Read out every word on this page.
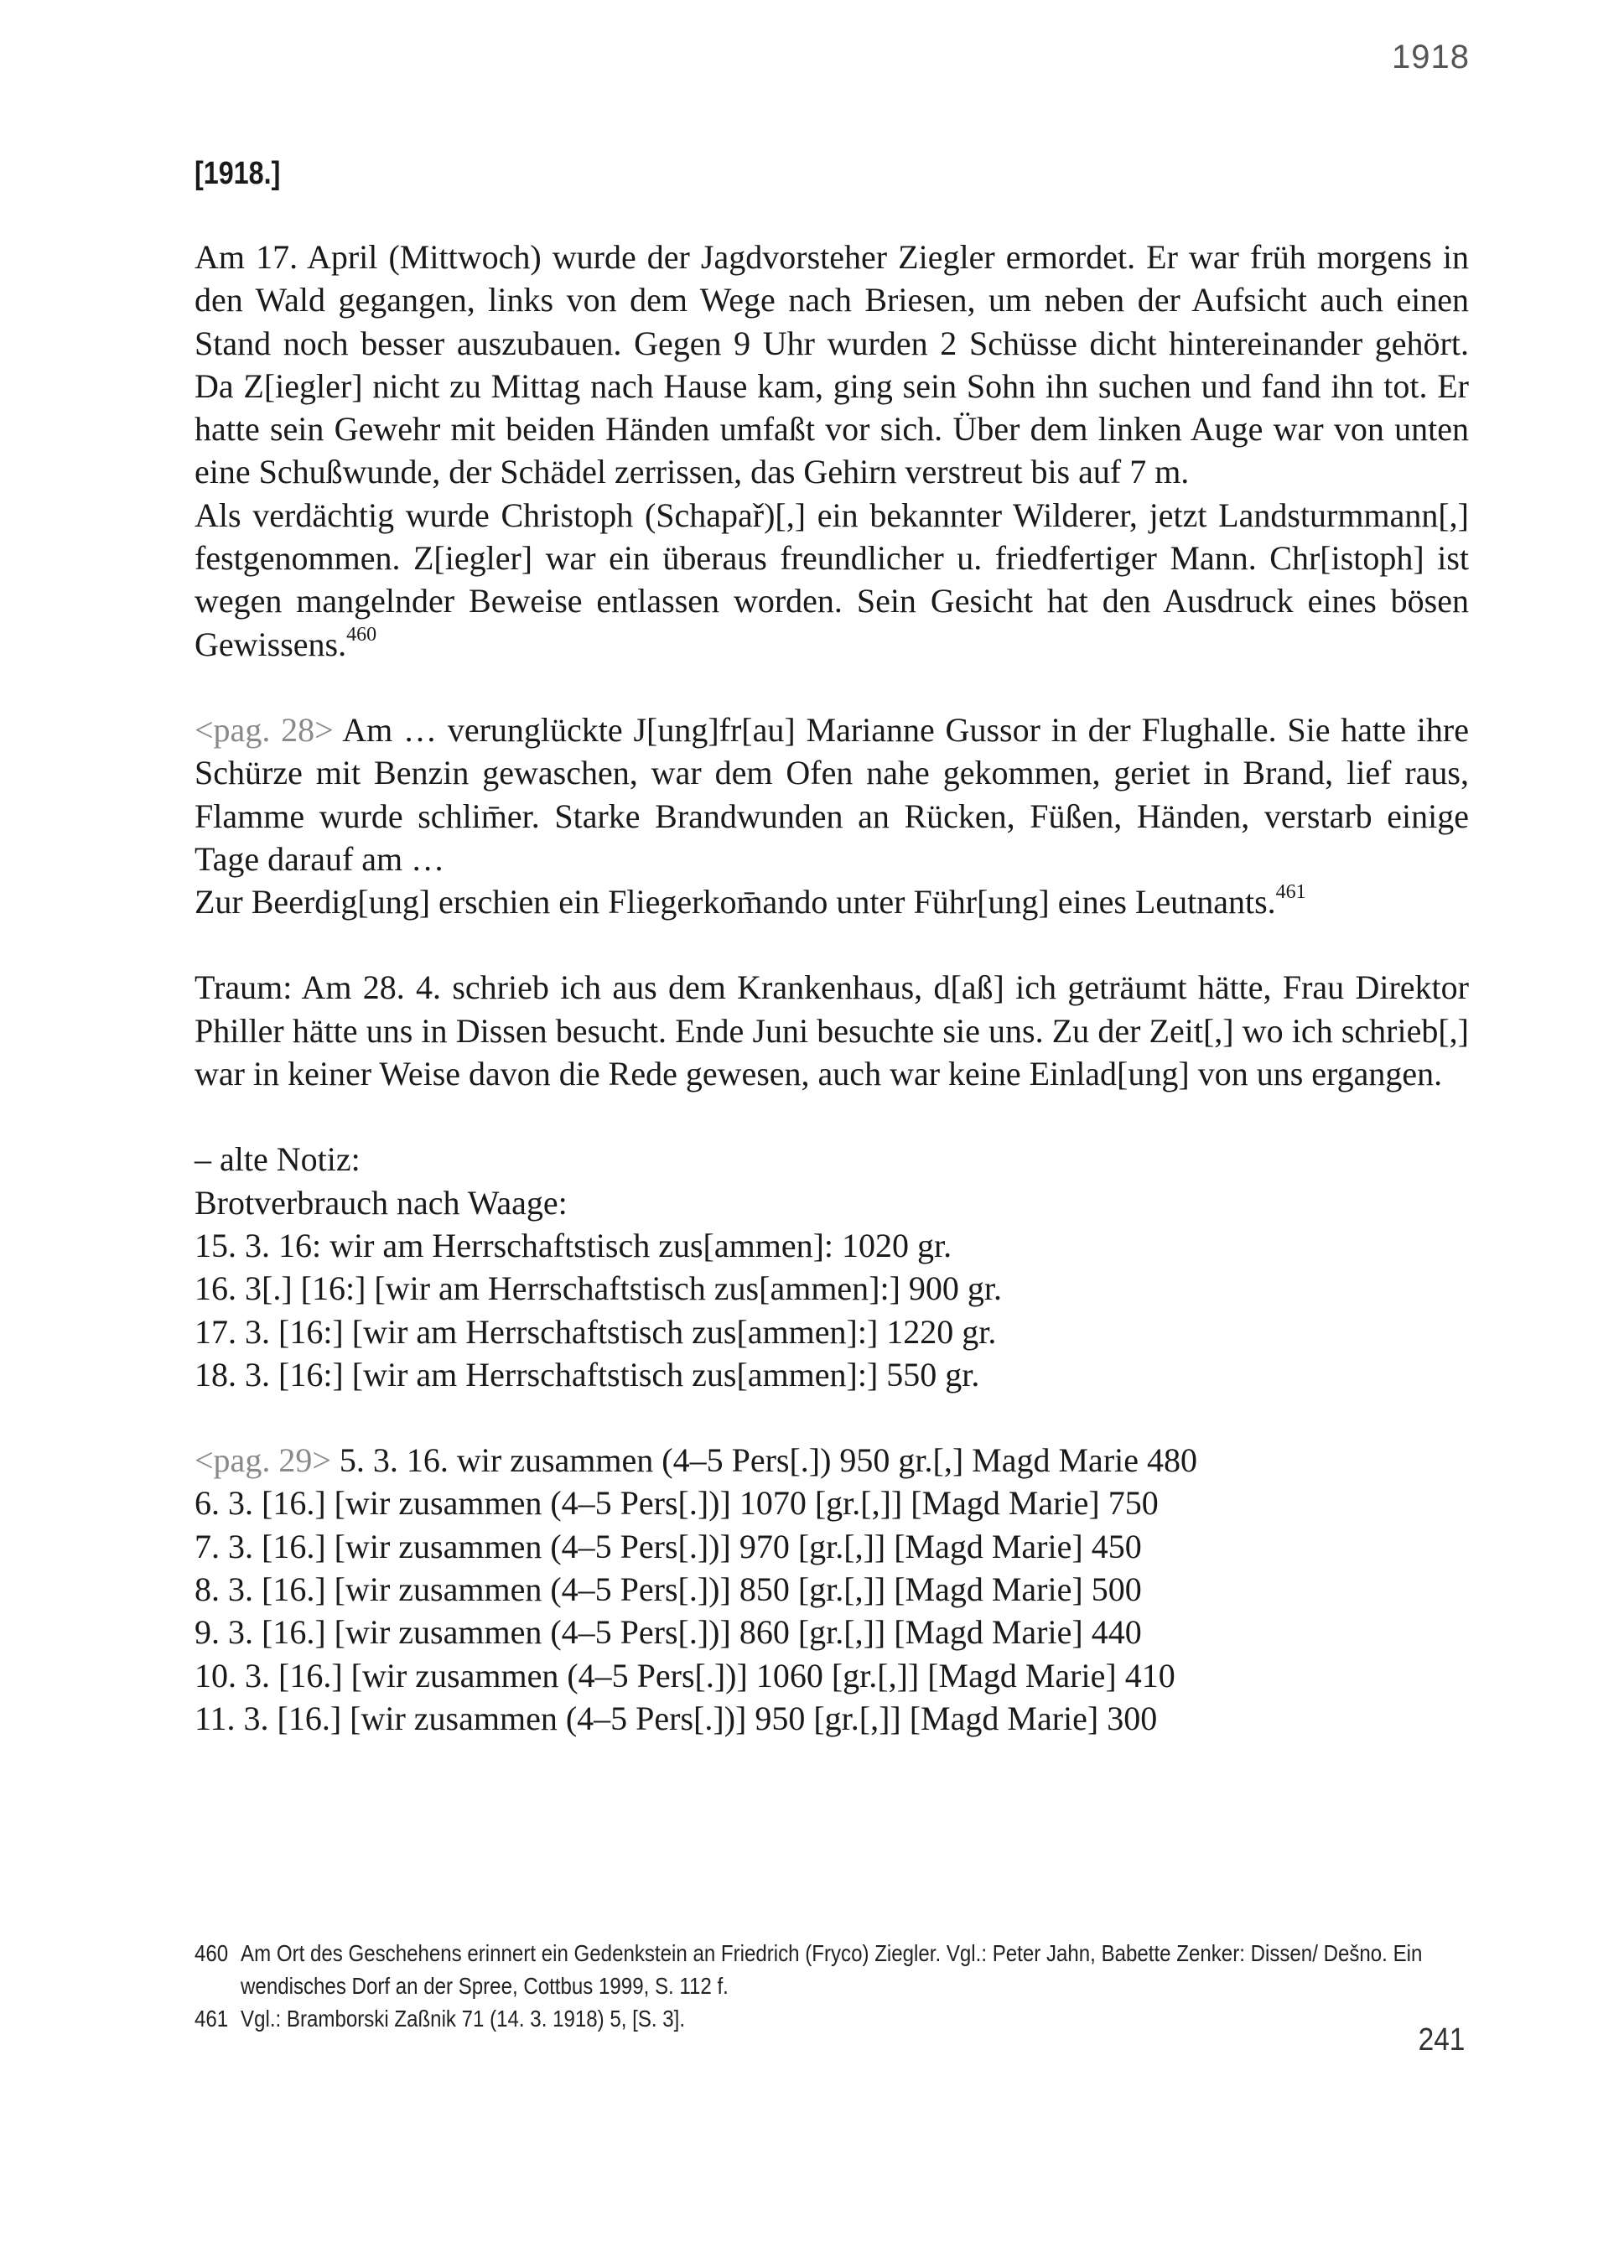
1918
[1918.]

Am 17. April (Mittwoch) wurde der Jagdvorsteher Ziegler ermordet. Er war früh morgens in den Wald gegangen, links von dem Wege nach Briesen, um neben der Aufsicht auch einen Stand noch besser auszubauen. Gegen 9 Uhr wurden 2 Schüsse dicht hintereinander gehört. Da Z[iegler] nicht zu Mittag nach Hause kam, ging sein Sohn ihn suchen und fand ihn tot. Er hatte sein Gewehr mit beiden Händen umfaßt vor sich. Über dem linken Auge war von unten eine Schußwunde, der Schädel zerrissen, das Gehirn verstreut bis auf 7 m.

Als verdächtig wurde Christoph (Schapař)[,] ein bekannter Wilderer, jetzt Landsturmmann[,] festgenommen. Z[iegler] war ein überaus freundlicher u. friedfertiger Mann. Chr[istoph] ist wegen mangelnder Beweise entlassen worden. Sein Gesicht hat den Ausdruck eines bösen Gewissens.$^{460}$

<pag. 28> Am … verunglückte J[ung]fr[au] Marianne Gussor in der Flughalle. Sie hatte ihre Schürze mit Benzin gewaschen, war dem Ofen nahe gekommen, geriet in Brand, lief raus, Flamme wurde schlim̄er. Starke Brandwunden an Rücken, Füßen, Händen, verstarb einige Tage darauf am …

Zur Beerdig[ung] erschien ein Fliegerkom̄ando unter Führ[ung] eines Leutnants.$^{461}$

Traum: Am 28. 4. schrieb ich aus dem Krankenhaus, d[aß] ich geträumt hätte, Frau Direktor Philler hätte uns in Dissen besucht. Ende Juni besuchte sie uns. Zu der Zeit[,] wo ich schrieb[,] war in keiner Weise davon die Rede gewesen, auch war keine Einlad[ung] von uns ergangen.

– alte Notiz:
Brotverbrauch nach Waage:
15. 3. 16: wir am Herrschaftstisch zus[ammen]: 1020 gr.
16. 3[.] [16:] [wir am Herrschaftstisch zus[ammen]:] 900 gr.
17. 3. [16:] [wir am Herrschaftstisch zus[ammen]:] 1220 gr.
18. 3. [16:] [wir am Herrschaftstisch zus[ammen]:] 550 gr.
<pag. 29> 5. 3. 16. wir zusammen (4–5 Pers[.]) 950 gr.[,] Magd Marie 480
6. 3. [16.] [wir zusammen (4–5 Pers[.])] 1070 [gr.[,]] [Magd Marie] 750
7. 3. [16.] [wir zusammen (4–5 Pers[.])] 970 [gr.[,]] [Magd Marie] 450
8. 3. [16.] [wir zusammen (4–5 Pers[.])] 850 [gr.[,]] [Magd Marie] 500
9. 3. [16.] [wir zusammen (4–5 Pers[.])] 860 [gr.[,]] [Magd Marie] 440
10. 3. [16.] [wir zusammen (4–5 Pers[.])] 1060 [gr.[,]] [Magd Marie] 410
11. 3. [16.] [wir zusammen (4–5 Pers[.])] 950 [gr.[,]] [Magd Marie] 300
460 Am Ort des Geschehens erinnert ein Gedenkstein an Friedrich (Fryco) Ziegler. Vgl.: Peter Jahn, Babette Zenker: Dissen/ Dešno. Ein wendisches Dorf an der Spree, Cottbus 1999, S. 112 f.
461 Vgl.: Bramborski Zaßnik 71 (14. 3. 1918) 5, [S. 3].
241
